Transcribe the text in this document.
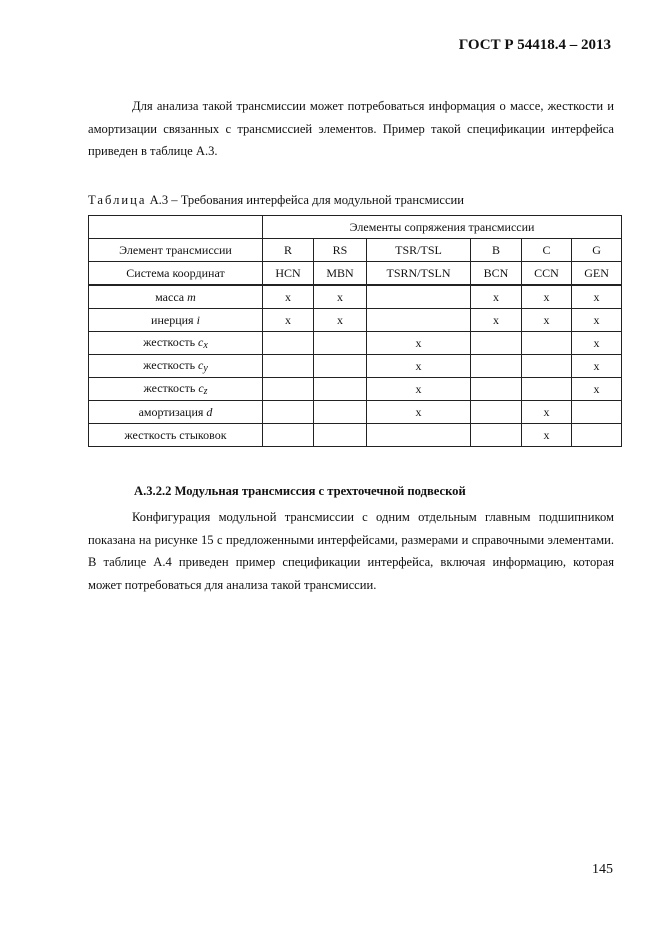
ГОСТ Р 54418.4 – 2013
Для анализа такой трансмиссии может потребоваться информация о массе, жесткости и амортизации связанных с трансмиссией элементов. Пример такой спецификации интерфейса приведен в таблице А.3.
Таблица А.3 – Требования интерфейса для модульной трансмиссии
	Элементы сопряжения трансмиссии					
Элемент трансмиссии	R	RS	TSR/TSL	B	C	G
Система координат	HCN	MBN	TSRN/TSLN	BCN	CCN	GEN
масса m	x	x		x	x	x
инерция i	x	x		x	x	x
жесткость $c_x$			x			x
жесткость $c_y$			x			x
жесткость $c_z$			x			x
амортизация d			x		x	
жесткость стыковок					x	
А.3.2.2 Модульная трансмиссия с трехточечной подвеской
Конфигурация модульной трансмиссии с одним отдельным главным подшипником показана на рисунке 15 с предложенными интерфейсами, размерами и справочными элементами. В таблице А.4 приведен пример спецификации интерфейса, включая информацию, которая может потребоваться для анализа такой трансмиссии.
145
